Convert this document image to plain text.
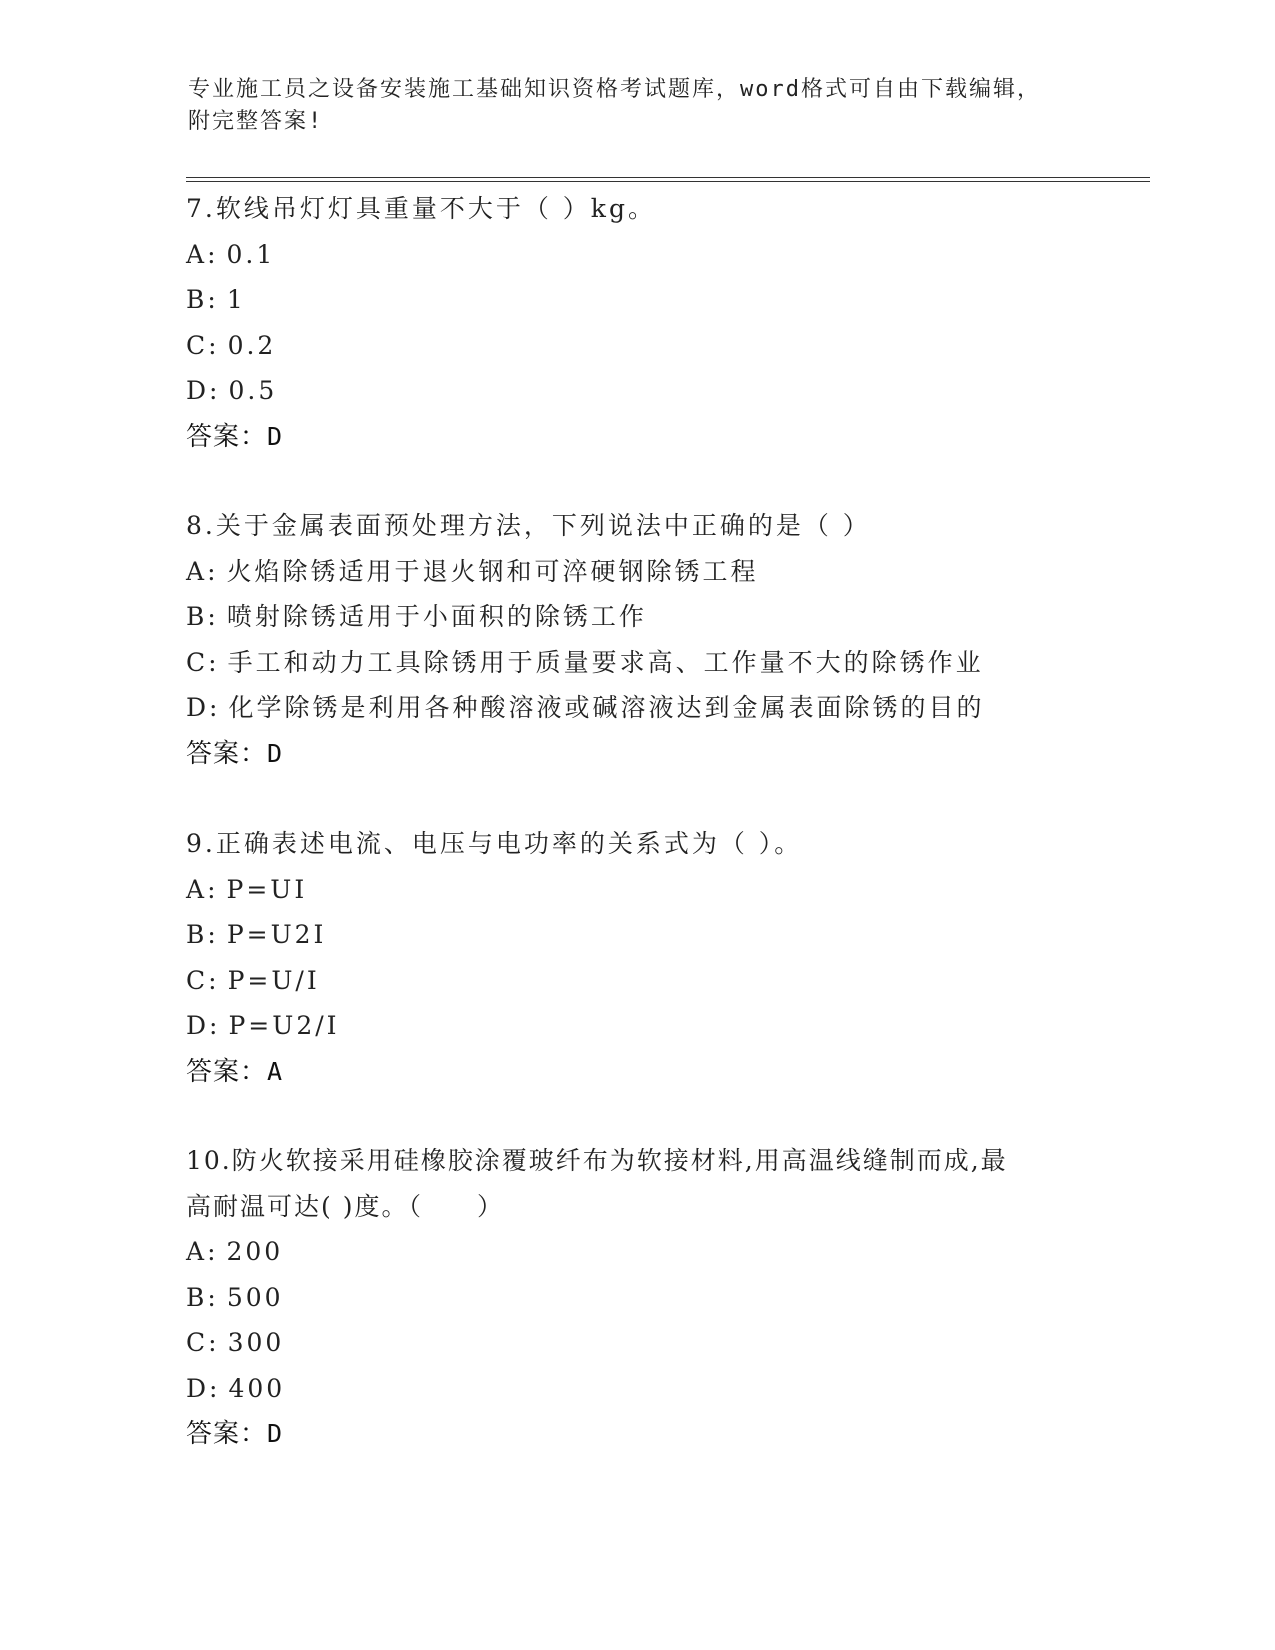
专业施工员之设备安装施工基础知识资格考试题库，word格式可自由下载编辑，
附完整答案!
7.软线吊灯灯具重量不大于（ ）kg。
A: 0.1
B: 1
C: 0.2
D: 0.5
答案：D
8.关于金属表面预处理方法，下列说法中正确的是（ ）
A: 火焰除锈适用于退火钢和可淬硬钢除锈工程
B: 喷射除锈适用于小面积的除锈工作
C: 手工和动力工具除锈用于质量要求高、工作量不大的除锈作业
D: 化学除锈是利用各种酸溶液或碱溶液达到金属表面除锈的目的
答案：D
9.正确表述电流、电压与电功率的关系式为（ ）。
A: P=UI
B: P=U2I
C: P=U/I
D: P=U2/I
答案：A
10.防火软接采用硅橡胶涂覆玻纤布为软接材料,用高温线缝制而成,最
高耐温可达( )度。（　　）
A: 200
B: 500
C: 300
D: 400
答案：D
